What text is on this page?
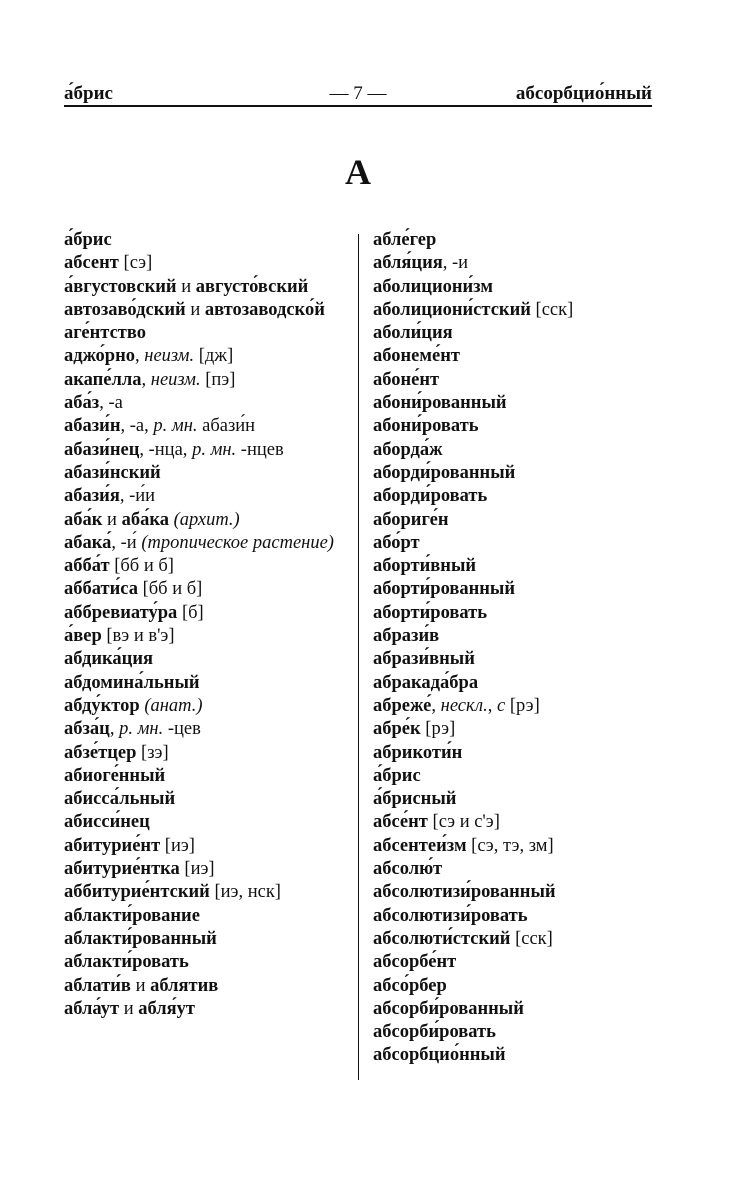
а́брис	— 7 —	абсорбцио́нный
А
а́брис
абсент [сэ]
а́вгустовский и августо́вский
автозаво́дский и автозаводско́й
аге́нтство
аджо́рно, неизм. [дж]
акапе́лла, неизм. [пэ]
аба́з, -а
абази́н, -а, р. мн. абази́н
абази́нец, -нца, р. мн. -нцев
абази́нский
абази́я, -и́и
аба́к и аба́ка (архит.)
абака́, -и́ (тропическое растение)
абба́т [бб и б]
аббати́са [бб и б]
аббревиату́ра [б]
а́вер [вэ и в'э]
абдика́ция
абдомина́льный
абду́ктор (анат.)
абза́ц, р. мн. -цев
абзе́тцер [зэ]
абиоге́нный
абисса́льный
абисси́нец
абитурие́нт [иэ]
абитурие́нтка [иэ]
аббитурие́нтский [иэ, нск]
аблакти́рование
аблакти́рованный
аблакти́ровать
аблати́в и аблятив
абла́ут и абля́ут
абле́гер
абля́ция, -и
аболициони́зм
аболициони́стский [сск]
аболи́ция
абонеме́нт
абоне́нт
абони́рованный
абони́ровать
аборда́ж
аборди́рованный
аборди́ровать
абориге́н
або́рт
aборти́вный
аборти́рованный
аборти́ровать
абрази́в
абрази́вный
абракада́бра
абреже́, нескл., с [рэ]
абре́к [рэ]
абрикоти́н
а́брис
а́брисный
абсе́нт [сэ и с'э]
абсентеи́зм [сэ, тэ, зм]
абсолю́т
абсолютизи́рованный
абсолютизи́ровать
абсолюти́стский [сск]
абсорбе́нт
абсо́рбер
абсорби́рованный
абсорби́ровать
абсорбцио́нный
